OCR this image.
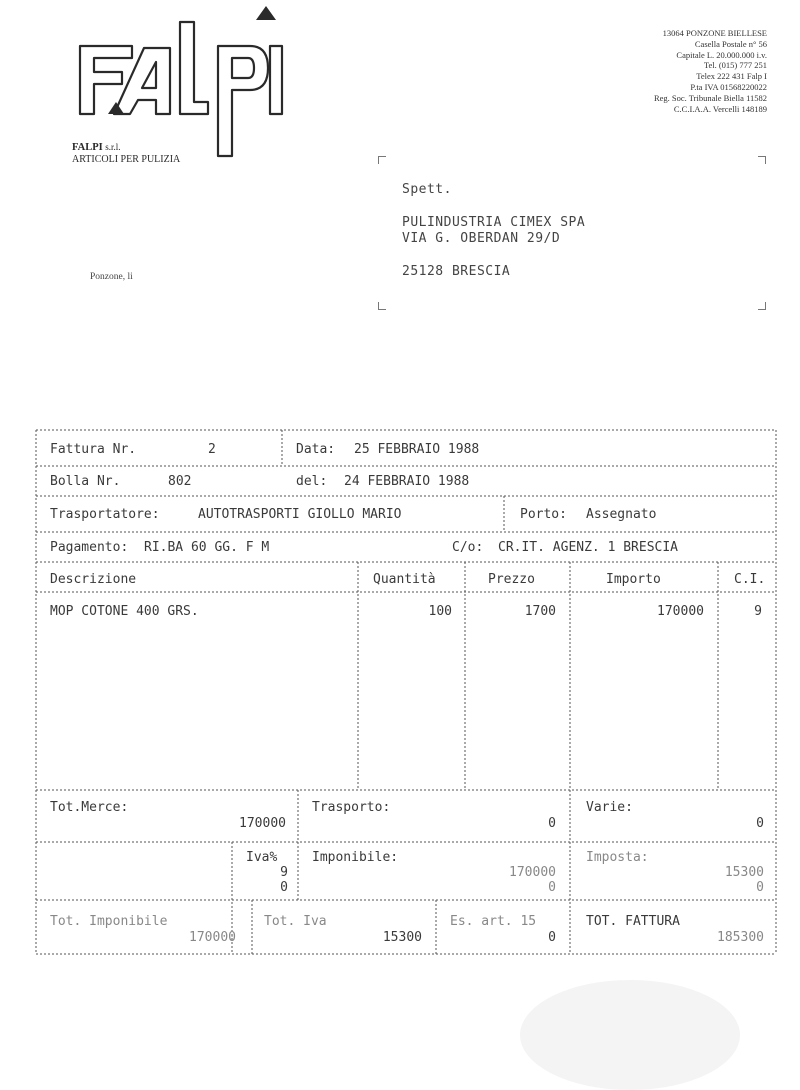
13064 PONZONE BIELLESE
Casella Postale n° 56
Capitale L. 20.000.000 i.v.
Tel. (015) 777 251
Telex 222 431 Falp I
P.ta IVA 01568220022
Reg. Soc. Tribunale Biella 11582
C.C.I.A.A. Vercelli 148189
FALPI s.r.l.
ARTICOLI PER PULIZIA
Ponzone, li
Spett.
PULINDUSTRIA CIMEX SPA
VIA G. OBERDAN 29/D
25128 BRESCIA
Fattura Nr.	2	Data: 25 FEBBRAIO 1988
Bolla Nr.	802	del: 24 FEBBRAIO 1988
Trasportatore:	AUTOTRASPORTI GIOLLO MARIO	Porto: Assegnato
Pagamento: RI.BA 60 GG. F M	C/o: CR.IT. AGENZ. 1 BRESCIA
Descrizione	Quantità	Prezzo	Importo	C.I.
MOP COTONE 400 GRS.	100	1700	170000	9
Tot.Merce:
170000
Trasporto:
0
Varie:
0
Iva%
9
0
Imponibile:
170000
0
Imposta:
15300
0
Tot. Imponibile
170000
Tot. Iva
15300
Es. art. 15
0
TOT. FATTURA
185300
